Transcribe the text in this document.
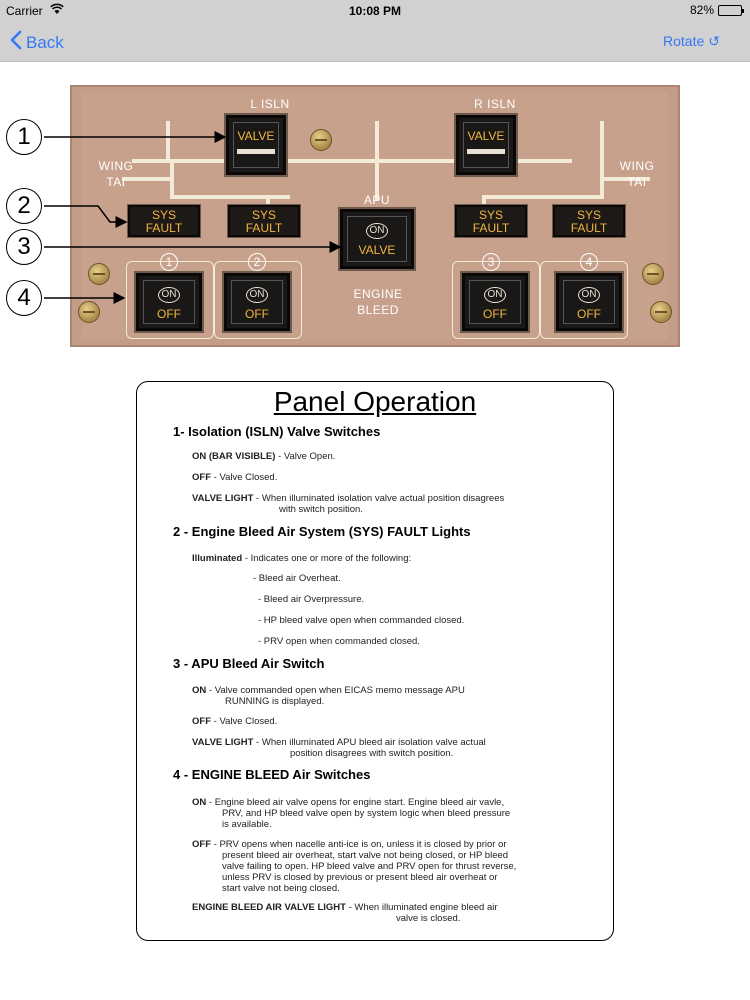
Carrier	10:08 PM	82%
Back	Rotate ↺
L ISLN	R ISLN
WING
TAI
WING
TAI
APU
ENGINE
BLEED
VALVE	VALVE
SYS
FAULT
SYS
FAULT
SYS
FAULT
SYS
FAULT
ON
VALVE
1	2	3	4
ON
OFF
ON
OFF
ON
OFF
ON
OFF
1
2
3
4
Panel Operation
1- Isolation (ISLN) Valve Switches
ON (BAR VISIBLE) - Valve Open.
OFF - Valve Closed.
VALVE LIGHT - When illuminated isolation valve actual position disagrees
with switch position.
2 - Engine Bleed Air System (SYS) FAULT Lights
Illuminated - Indicates one or more of the following:
- Bleed air Overheat.
- Bleed air Overpressure.
- HP bleed valve open when commanded closed.
- PRV open when commanded closed.
3 - APU Bleed Air Switch
ON - Valve commanded open when EICAS memo message APU
RUNNING is displayed.
OFF - Valve Closed.
VALVE LIGHT - When illuminated APU bleed air isolation valve actual
position disagrees with switch position.
4 - ENGINE BLEED Air Switches
ON - Engine bleed air valve opens for engine start. Engine bleed air vavle,
PRV, and HP bleed valve open by system logic when bleed pressure
is available.
OFF - PRV opens when nacelle anti-ice is on, unless it is closed by prior or
present bleed air overheat, start valve not being closed, or HP bleed
valve failing to open. HP bleed valve and PRV open for thrust reverse,
unless PRV is closed by previous or present bleed air overheat or
start valve not being closed.
ENGINE BLEED AIR VALVE LIGHT - When illuminated engine bleed air
valve is closed.
